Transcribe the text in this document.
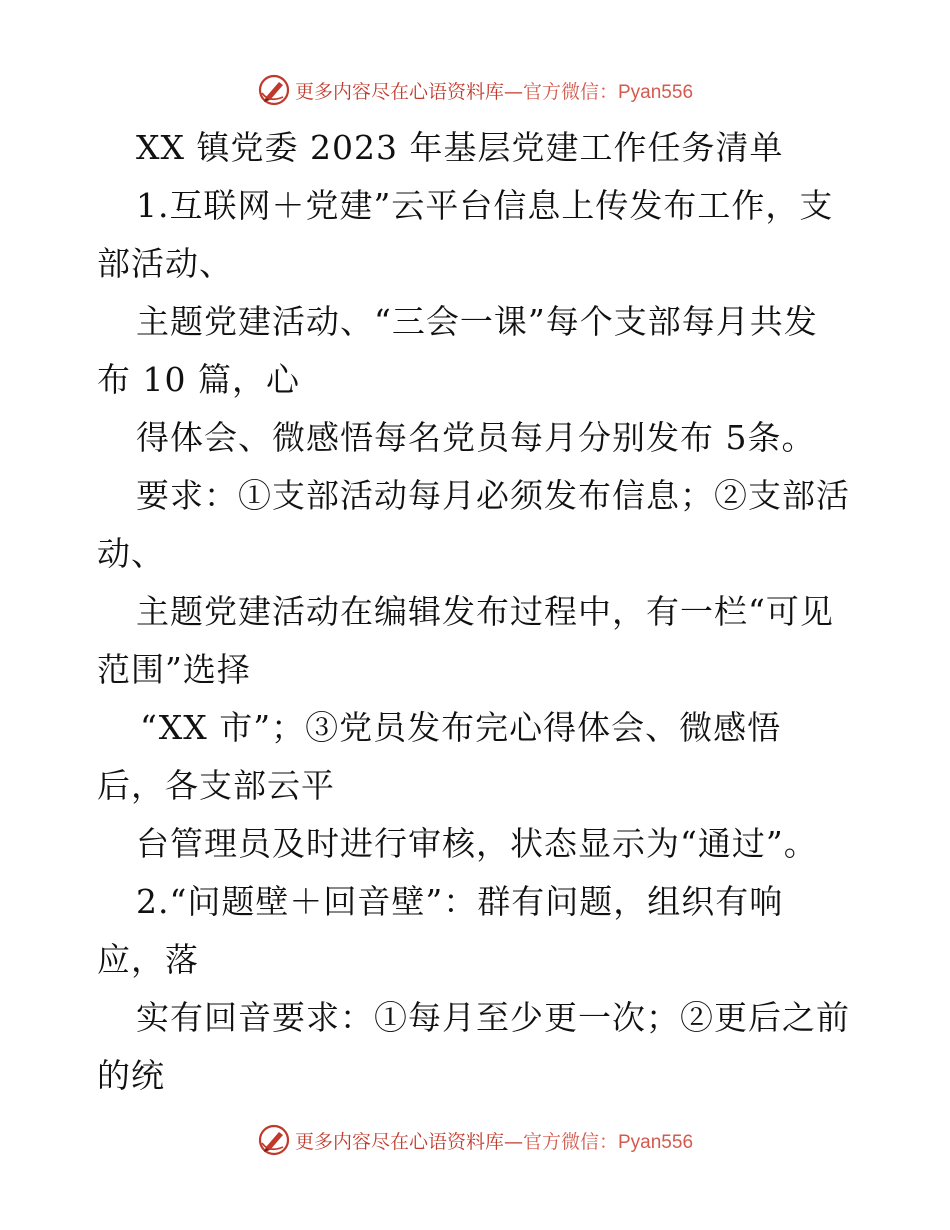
更多内容尽在心语资料库—官方微信：Pyan556
XX 镇党委 2023 年基层党建工作任务清单
1.互联网＋党建”云平台信息上传发布工作，支
部活动、
主题党建活动、“三会一课”每个支部每月共发
布 10 篇，心
得体会、微感悟每名党员每月分别发布 5条。
要求：①支部活动每月必须发布信息；②支部活
动、
主题党建活动在编辑发布过程中，有一栏“可见
范围”选择
“XX 市”；③党员发布完心得体会、微感悟
后，各支部云平
台管理员及时进行审核，状态显示为“通过”。
2.“问题壁＋回音壁”：群有问题，组织有响
应，落
实有回音要求：①每月至少更一次；②更后之前
的统
更多内容尽在心语资料库—官方微信：Pyan556
